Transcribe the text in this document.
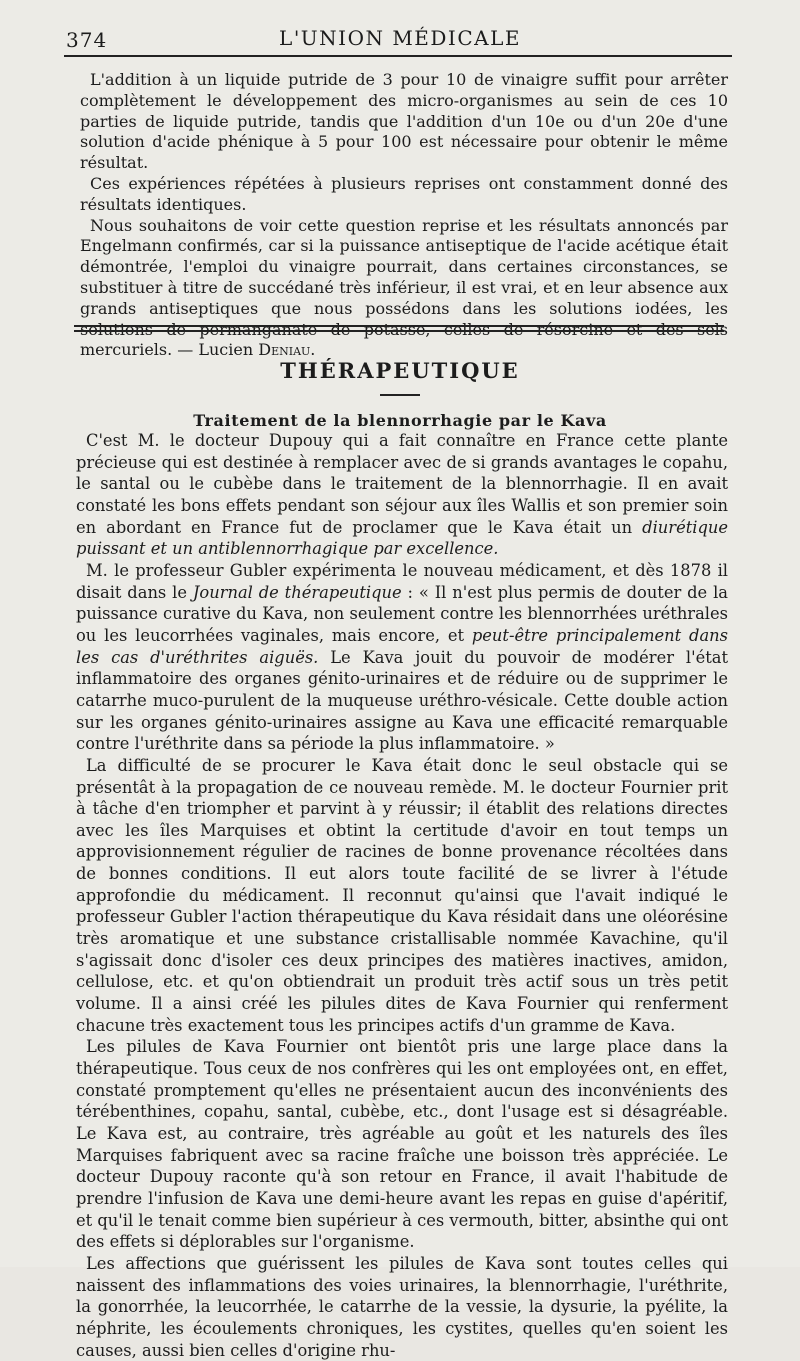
374	L'UNION MÉDICALE

L'addition à un liquide putride de 3 pour 10 de vinaigre suffit pour arrêter complètement le développement des micro-organismes au sein de ces 10 parties de liquide putride, tandis que l'addition d'un 10e ou d'un 20e d'une solution d'acide phénique à 5 pour 100 est nécessaire pour obtenir le même résultat.

Ces expériences répétées à plusieurs reprises ont constamment donné des résultats identiques.

Nous souhaitons de voir cette question reprise et les résultats annoncés par Engelmann confirmés, car si la puissance antiseptique de l'acide acétique était démontrée, l'emploi du vinaigre pourrait, dans certaines circonstances, se substituer à titre de succédané très inférieur, il est vrai, et en leur absence aux grands antiseptiques que nous possédons dans les solutions iodées, les solutions de permanganate de potasse, celles de résorcine et des sels mercuriels. — Lucien Deniau.

THÉRAPEUTIQUE
Traitement de la blennorrhagie par le Kava

C'est M. le docteur Dupouy qui a fait connaître en France cette plante précieuse qui est destinée à remplacer avec de si grands avantages le copahu, le santal ou le cubèbe dans le traitement de la blennorrhagie. Il en avait constaté les bons effets pendant son séjour aux îles Wallis et son premier soin en abordant en France fut de proclamer que le Kava était un diurétique puissant et un antiblennorrhagique par excellence.

M. le professeur Gubler expérimenta le nouveau médicament, et dès 1878 il disait dans le Journal de thérapeutique : « Il n'est plus permis de douter de la puissance curative du Kava, non seulement contre les blennorrhées uréthrales ou les leucorrhées vaginales, mais encore, et peut-être principalement dans les cas d'uréthrites aiguës. Le Kava jouit du pouvoir de modérer l'état inflammatoire des organes génito-urinaires et de réduire ou de supprimer le catarrhe muco-purulent de la muqueuse uréthro-vésicale. Cette double action sur les organes génito-urinaires assigne au Kava une efficacité remarquable contre l'uréthrite dans sa période la plus inflammatoire. »

La difficulté de se procurer le Kava était donc le seul obstacle qui se présentât à la propagation de ce nouveau remède. M. le docteur Fournier prit à tâche d'en triompher et parvint à y réussir; il établit des relations directes avec les îles Marquises et obtint la certitude d'avoir en tout temps un approvisionnement régulier de racines de bonne provenance récoltées dans de bonnes conditions. Il eut alors toute facilité de se livrer à l'étude approfondie du médicament. Il reconnut qu'ainsi que l'avait indiqué le professeur Gubler l'action thérapeutique du Kava résidait dans une oléorésine très aromatique et une substance cristallisable nommée Kavachine, qu'il s'agissait donc d'isoler ces deux principes des matières inactives, amidon, cellulose, etc. et qu'on obtiendrait un produit très actif sous un très petit volume. Il a ainsi créé les pilules dites de Kava Fournier qui renferment chacune très exactement tous les principes actifs d'un gramme de Kava.

Les pilules de Kava Fournier ont bientôt pris une large place dans la thérapeutique. Tous ceux de nos confrères qui les ont employées ont, en effet, constaté promptement qu'elles ne présentaient aucun des inconvénients des térébenthines, copahu, santal, cubèbe, etc., dont l'usage est si désagréable. Le Kava est, au contraire, très agréable au goût et les naturels des îles Marquises fabriquent avec sa racine fraîche une boisson très appréciée. Le docteur Dupouy raconte qu'à son retour en France, il avait l'habitude de prendre l'infusion de Kava une demi-heure avant les repas en guise d'apéritif, et qu'il le tenait comme bien supérieur à ces vermouth, bitter, absinthe qui ont des effets si déplorables sur l'organisme.

Les affections que guérissent les pilules de Kava sont toutes celles qui naissent des inflammations des voies urinaires, la blennorrhagie, l'uréthrite, la gonorrhée, la leucorrhée, le catarrhe de la vessie, la dysurie, la pyélite, la néphrite, les écoulements chroniques, les cystites, quelles qu'en soient les causes, aussi bien celles d'origine rhu-
